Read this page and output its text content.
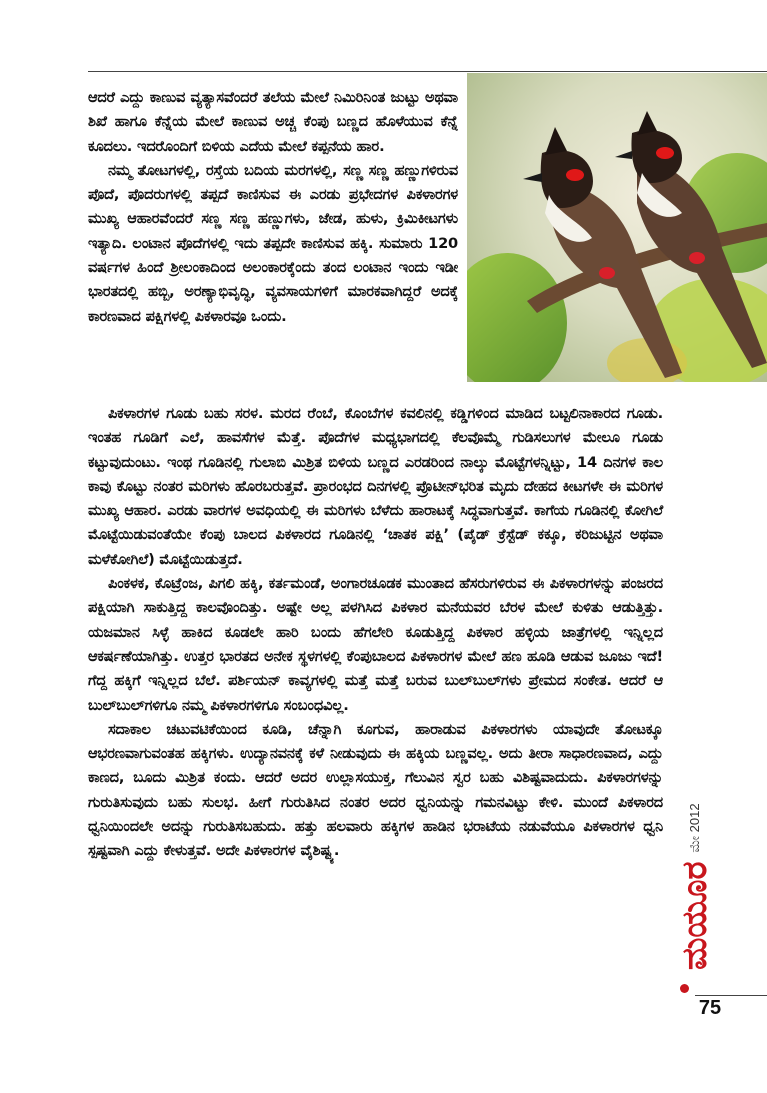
ಆದರೆ ಎದ್ದು ಕಾಣುವ ವ್ಯತ್ಯಾಸವೆಂದರೆ ತಲೆಯ ಮೇಲೆ ನಿಮಿರಿನಿಂತ ಜುಟ್ಟು ಅಥವಾ ಶಿಖೆ ಹಾಗೂ ಕೆನ್ನೆಯ ಮೇಲೆ ಕಾಣುವ ಅಚ್ಚ ಕೆಂಪು ಬಣ್ಣದ ಹೊಳೆಯುವ ಕೆನ್ನೆ ಕೂದಲು. ಇದರೊಂದಿಗೆ ಬಿಳಿಯ ಎದೆಯ ಮೇಲೆ ಕಪ್ಪನೆಯ ಹಾರ.

ನಮ್ಮ ತೋಟಗಳಲ್ಲಿ, ರಸ್ತೆಯ ಬದಿಯ ಮರಗಳಲ್ಲಿ, ಸಣ್ಣ ಸಣ್ಣ ಹಣ್ಣುಗಳಿರುವ ಪೊದೆ, ಪೊದರುಗಳಲ್ಲಿ ತಪ್ಪದೆ ಕಾಣಿಸುವ ಈ ಎರಡು ಪ್ರಭೇದಗಳ ಪಿಕಳಾರಗಳ ಮುಖ್ಯ ಆಹಾರವೆಂದರೆ ಸಣ್ಣ ಸಣ್ಣ ಹಣ್ಣುಗಳು, ಜೇಡ, ಹುಳು, ಕ್ರಿಮಿಕೀಟಗಳು ಇತ್ಯಾದಿ. ಲಂಟಾನ ಪೊದೆಗಳಲ್ಲಿ ಇದು ತಪ್ಪದೇ ಕಾಣಿಸುವ ಹಕ್ಕಿ. ಸುಮಾರು 120 ವರ್ಷಗಳ ಹಿಂದೆ ಶ್ರೀಲಂಕಾದಿಂದ ಅಲಂಕಾರಕ್ಕೆಂದು ತಂದ ಲಂಟಾನ ಇಂದು ಇಡೀ ಭಾರತದಲ್ಲಿ ಹಬ್ಬಿ, ಅರಣ್ಯಾಭಿವೃದ್ಧಿ, ವ್ಯವಸಾಯಗಳಿಗೆ ಮಾರಕವಾಗಿದ್ದರೆ ಅದಕ್ಕೆ ಕಾರಣವಾದ ಪಕ್ಷಿಗಳಲ್ಲಿ ಪಿಕಳಾರವೂ ಒಂದು.

ಪಿಕಳಾರಗಳ ಗೂಡು ಬಹು ಸರಳ. ಮರದ ರೆಂಬೆ, ಕೊಂಬೆಗಳ ಕವಲಿನಲ್ಲಿ ಕಡ್ಡಿಗಳಿಂದ ಮಾಡಿದ ಬಟ್ಟಲಿನಾಕಾರದ ಗೂಡು. ಇಂತಹ ಗೂಡಿಗೆ ಎಲೆ, ಹಾವಸೆಗಳ ಮೆತ್ತೆ. ಪೊದೆಗಳ ಮಧ್ಯಭಾಗದಲ್ಲಿ ಕೆಲವೊಮ್ಮೆ ಗುಡಿಸಲುಗಳ ಮೇಲೂ ಗೂಡು ಕಟ್ಟುವುದುಂಟು. ಇಂಥ ಗೂಡಿನಲ್ಲಿ ಗುಲಾಬಿ ಮಿಶ್ರಿತ ಬಿಳಿಯ ಬಣ್ಣದ ಎರಡರಿಂದ ನಾಲ್ಕು ಮೊಟ್ಟೆಗಳನ್ನಿಟ್ಟು, 14 ದಿನಗಳ ಕಾಲ ಕಾವು ಕೊಟ್ಟು ನಂತರ ಮರಿಗಳು ಹೊರಬರುತ್ತವೆ. ಪ್ರಾರಂಭದ ದಿನಗಳಲ್ಲಿ ಪ್ರೊಟೀನ್‌ಭರಿತ ಮೃದು ದೇಹದ ಕೀಟಗಳೇ ಈ ಮರಿಗಳ ಮುಖ್ಯ ಆಹಾರ. ಎರಡು ವಾರಗಳ ಅವಧಿಯಲ್ಲಿ ಈ ಮರಿಗಳು ಬೆಳೆದು ಹಾರಾಟಕ್ಕೆ ಸಿದ್ಧವಾಗುತ್ತವೆ. ಕಾಗೆಯ ಗೂಡಿನಲ್ಲಿ ಕೋಗಿಲೆ ಮೊಟ್ಟೆಯಿಡುವಂತೆಯೇ ಕೆಂಪು ಬಾಲದ ಪಿಕಳಾರದ ಗೂಡಿನಲ್ಲಿ ‘ಚಾತಕ ಪಕ್ಷಿ’ (ಪೈಡ್ ಕ್ರೆಸ್ಟೆಡ್ ಕಕ್ಕೂ, ಕರಿಜುಟ್ಟಿನ ಅಥವಾ ಮಳೆಕೋಗಿಲೆ) ಮೊಟ್ಟೆಯಿಡುತ್ತದೆ.

ಪಿಂಕಳಕ, ಕೊಟ್ರೆಂಜ, ಪಿಗಲಿ ಹಕ್ಕಿ, ಕರ್ತಮಂಡೆ, ಅಂಗಾರಚೂಡಕ ಮುಂತಾದ ಹೆಸರುಗಳಿರುವ ಈ ಪಿಕಳಾರಗಳನ್ನು ಪಂಜರದ ಪಕ್ಷಿಯಾಗಿ ಸಾಕುತ್ತಿದ್ದ ಕಾಲವೊಂದಿತ್ತು. ಅಷ್ಟೇ ಅಲ್ಲ ಪಳಗಿಸಿದ ಪಿಕಳಾರ ಮನೆಯವರ ಬೆರಳ ಮೇಲೆ ಕುಳಿತು ಆಡುತ್ತಿತ್ತು. ಯಜಮಾನ ಸಿಳ್ಳೆ ಹಾಕಿದ ಕೂಡಲೇ ಹಾರಿ ಬಂದು ಹೆಗಲೇರಿ ಕೂಡುತ್ತಿದ್ದ ಪಿಕಳಾರ ಹಳ್ಳಿಯ ಜಾತ್ರೆಗಳಲ್ಲಿ ಇನ್ನಿಲ್ಲದ ಆಕರ್ಷಣೆಯಾಗಿತ್ತು. ಉತ್ತರ ಭಾರತದ ಅನೇಕ ಸ್ಥಳಗಳಲ್ಲಿ ಕೆಂಪುಬಾಲದ ಪಿಕಳಾರಗಳ ಮೇಲೆ ಹಣ ಹೂಡಿ ಆಡುವ ಜೂಜು ಇದೆ! ಗೆದ್ದ ಹಕ್ಕಿಗೆ ಇನ್ನಿಲ್ಲದ ಬೆಲೆ. ಪರ್ಶಿಯನ್ ಕಾವ್ಯಗಳಲ್ಲಿ ಮತ್ತೆ ಮತ್ತೆ ಬರುವ ಬುಲ್‌ಬುಲ್‌ಗಳು ಪ್ರೇಮದ ಸಂಕೇತ. ಆದರೆ ಆ ಬುಲ್‌ಬುಲ್‌ಗಳಿಗೂ ನಮ್ಮ ಪಿಕಳಾರಗಳಿಗೂ ಸಂಬಂಧವಿಲ್ಲ.

ಸದಾಕಾಲ ಚಟುವಟಿಕೆಯಿಂದ ಕೂಡಿ, ಚೆನ್ನಾಗಿ ಕೂಗುವ, ಹಾರಾಡುವ ಪಿಕಳಾರಗಳು ಯಾವುದೇ ತೋಟಕ್ಕೂ ಆಭರಣವಾಗುವಂತಹ ಹಕ್ಕಿಗಳು. ಉದ್ಯಾನವನಕ್ಕೆ ಕಳೆ ನೀಡುವುದು ಈ ಹಕ್ಕಿಯ ಬಣ್ಣವಲ್ಲ. ಅದು ತೀರಾ ಸಾಧಾರಣವಾದ, ಎದ್ದು ಕಾಣದ, ಬೂದು ಮಿಶ್ರಿತ ಕಂದು. ಆದರೆ ಅದರ ಉಲ್ಲಾಸಯುಕ್ತ, ಗೆಲುವಿನ ಸ್ವರ ಬಹು ವಿಶಿಷ್ಟವಾದುದು. ಪಿಕಳಾರಗಳನ್ನು ಗುರುತಿಸುವುದು ಬಹು ಸುಲಭ. ಹೀಗೆ ಗುರುತಿಸಿದ ನಂತರ ಅದರ ಧ್ವನಿಯನ್ನು ಗಮನವಿಟ್ಟು ಕೇಳಿ. ಮುಂದೆ ಪಿಕಳಾರದ ಧ್ವನಿಯಿಂದಲೇ ಅದನ್ನು ಗುರುತಿಸಬಹುದು. ಹತ್ತು ಹಲವಾರು ಹಕ್ಕಿಗಳ ಹಾಡಿನ ಭರಾಟೆಯ ನಡುವೆಯೂ ಪಿಕಳಾರಗಳ ಧ್ವನಿ ಸ್ಪಷ್ಟವಾಗಿ ಎದ್ದು ಕೇಳುತ್ತವೆ. ಅದೇ ಪಿಕಳಾರಗಳ ವೈಶಿಷ್ಟ್ಯ.	ಮೇ 2012
ಮಯೂರ
75
